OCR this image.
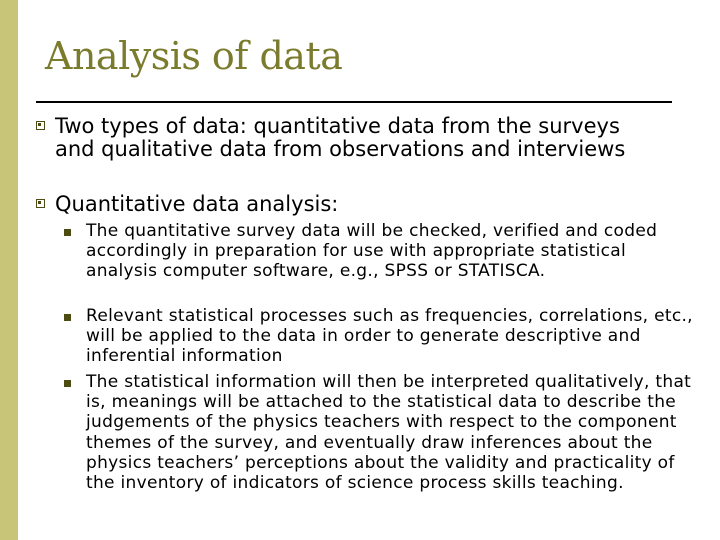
Analysis of data
Two types of data: quantitative data from the surveys and qualitative data from observations and interviews
Quantitative data analysis:
The quantitative survey data will be checked, verified and coded accordingly in preparation for use with appropriate statistical analysis computer software, e.g., SPSS or STATISCA.
Relevant statistical processes such as frequencies, correlations, etc., will be applied to the data in order to generate descriptive and inferential information
The statistical information will then be interpreted qualitatively, that is, meanings will be attached to the statistical data to describe the judgements of the physics teachers with respect to the component themes of the survey, and eventually draw inferences about the physics teachers’ perceptions about the validity and practicality of the inventory of indicators of science process skills teaching.
